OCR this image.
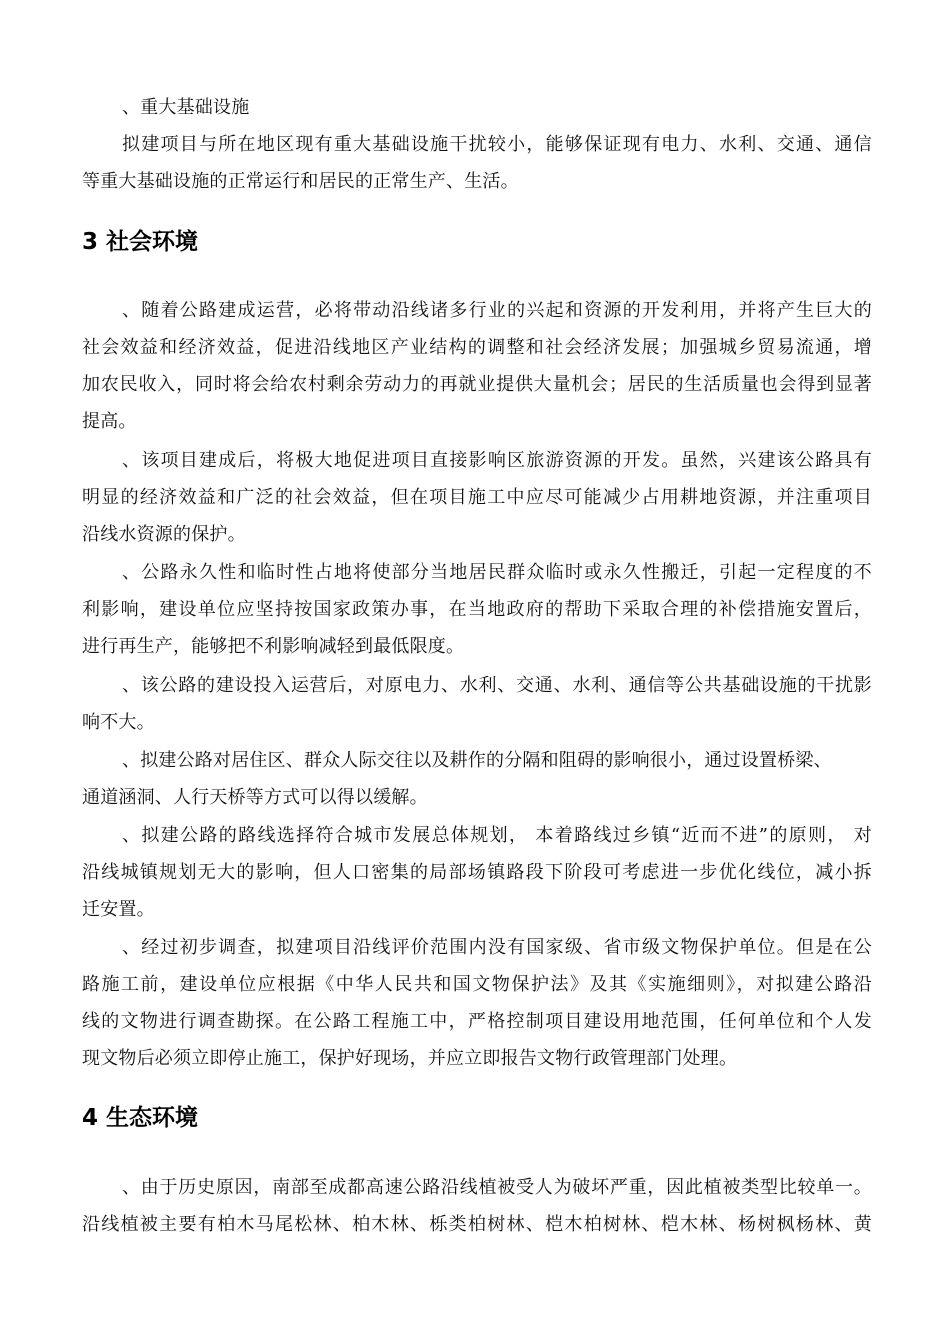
、重大基础设施
拟建项目与所在地区现有重大基础设施干扰较小，能够保证现有电力、水利、交通、通信
等重大基础设施的正常运行和居民的正常生产、生活。
3 社会环境
、随着公路建成运营，必将带动沿线诸多行业的兴起和资源的开发利用，并将产生巨大的
社会效益和经济效益，促进沿线地区产业结构的调整和社会经济发展；加强城乡贸易流通，增
加农民收入，同时将会给农村剩余劳动力的再就业提供大量机会；居民的生活质量也会得到显著
提高。
、该项目建成后，将极大地促进项目直接影响区旅游资源的开发。虽然，兴建该公路具有
明显的经济效益和广泛的社会效益，但在项目施工中应尽可能减少占用耕地资源，并注重项目
沿线水资源的保护。
、公路永久性和临时性占地将使部分当地居民群众临时或永久性搬迁，引起一定程度的不
利影响，建设单位应坚持按国家政策办事，在当地政府的帮助下采取合理的补偿措施安置后，
进行再生产，能够把不利影响减轻到最低限度。
、该公路的建设投入运营后，对原电力、水利、交通、水利、通信等公共基础设施的干扰影
响不大。
、拟建公路对居住区、群众人际交往以及耕作的分隔和阻碍的影响很小，通过设置桥梁、
通道涵洞、人行天桥等方式可以得以缓解。
、拟建公路的路线选择符合城市发展总体规划， 本着路线过乡镇“近而不进”的原则， 对
沿线城镇规划无大的影响，但人口密集的局部场镇路段下阶段可考虑进一步优化线位，减小拆
迁安置。
、经过初步调查，拟建项目沿线评价范围内没有国家级、省市级文物保护单位。但是在公
路施工前，建设单位应根据《中华人民共和国文物保护法》及其《实施细则》，对拟建公路沿
线的文物进行调查勘探。在公路工程施工中，严格控制项目建设用地范围，任何单位和个人发
现文物后必须立即停止施工，保护好现场，并应立即报告文物行政管理部门处理。
4 生态环境
、由于历史原因，南部至成都高速公路沿线植被受人为破坏严重，因此植被类型比较单一。
沿线植被主要有柏木马尾松林、柏木林、栎类柏树林、桤木柏树林、桤木林、杨树枫杨林、黄
